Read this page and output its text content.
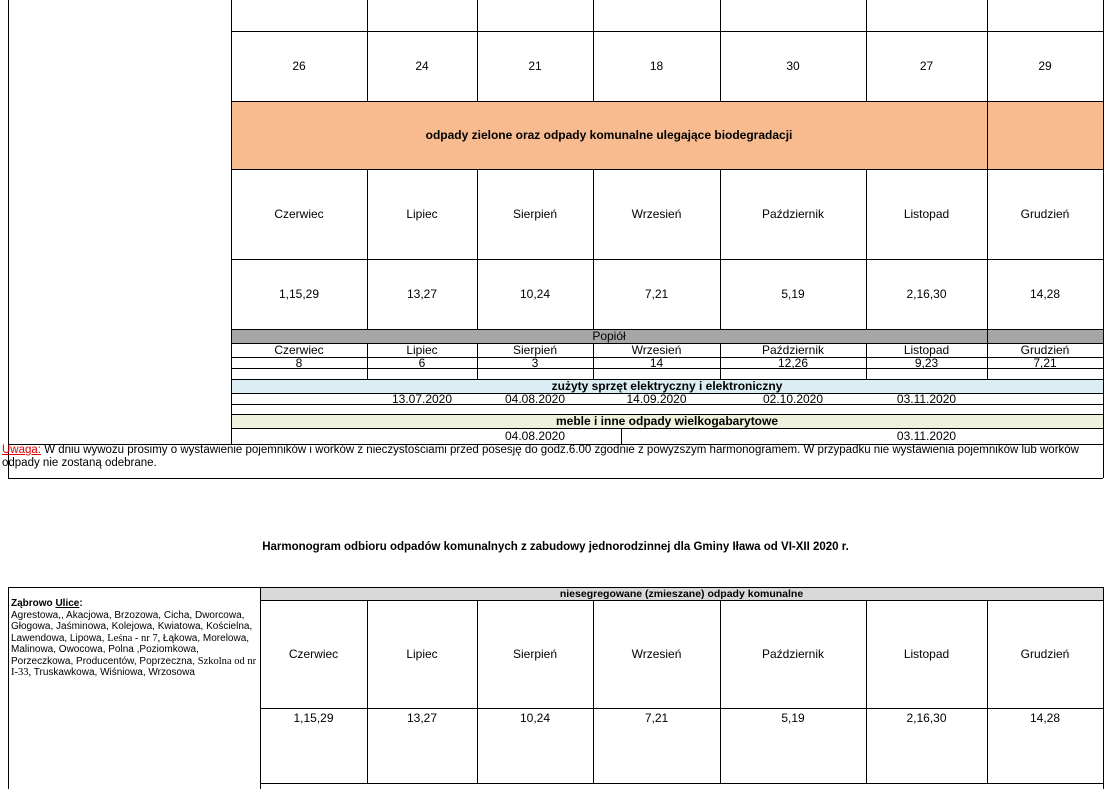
26	24	21	18	30	27	29
odpady zielone oraz odpady komunalne ulegające biodegradacji
Czerwiec	Lipiec	Sierpień	Wrzesień	Październik	Listopad	Grudzień
1,15,29	13,27	10,24	7,21	5,19	2,16,30	14,28
Popiół
Czerwiec	Lipiec	Sierpień	Wrzesień	Październik	Listopad	Grudzień
8	6	3	14	12,26	9,23	7,21
zużyty sprzęt elektryczny i elektroniczny
13.07.2020	04.08.2020	14.09.2020	02.10.2020	03.11.2020
meble i inne odpady wielkogabarytowe
04.08.2020	03.11.2020
Uwaga: W dniu wywozu prosimy o wystawienie pojemników i worków z nieczystościami przed posesję do godz.6.00 zgodnie z powyższym harmonogramem. W przypadku nie wystawienia pojemników lub worków odpady nie zostaną odebrane.
Harmonogram odbioru odpadów komunalnych z zabudowy jednorodzinnej dla Gminy Iława od VI-XII 2020 r.
Ząbrowo Ulice:
Agrestowa,, Akacjowa, Brzozowa, Cicha, Dworcowa, Głogowa, Jaśminowa, Kolejowa, Kwiatowa, Kościelna, Lawendowa, Lipowa, Leśna - nr 7, Łąkowa, Morelowa, Malinowa, Owocowa, Polna ,Poziomkowa, Porzeczkowa, Producentów, Poprzeczna, Szkolna od nr I-33, Truskawkowa, Wiśniowa, Wrzosowa
niesegregowane (zmieszane) odpady komunalne
Czerwiec	Lipiec	Sierpień	Wrzesień	Październik	Listopad	Grudzień
1,15,29	13,27	10,24	7,21	5,19	2,16,30	14,28
